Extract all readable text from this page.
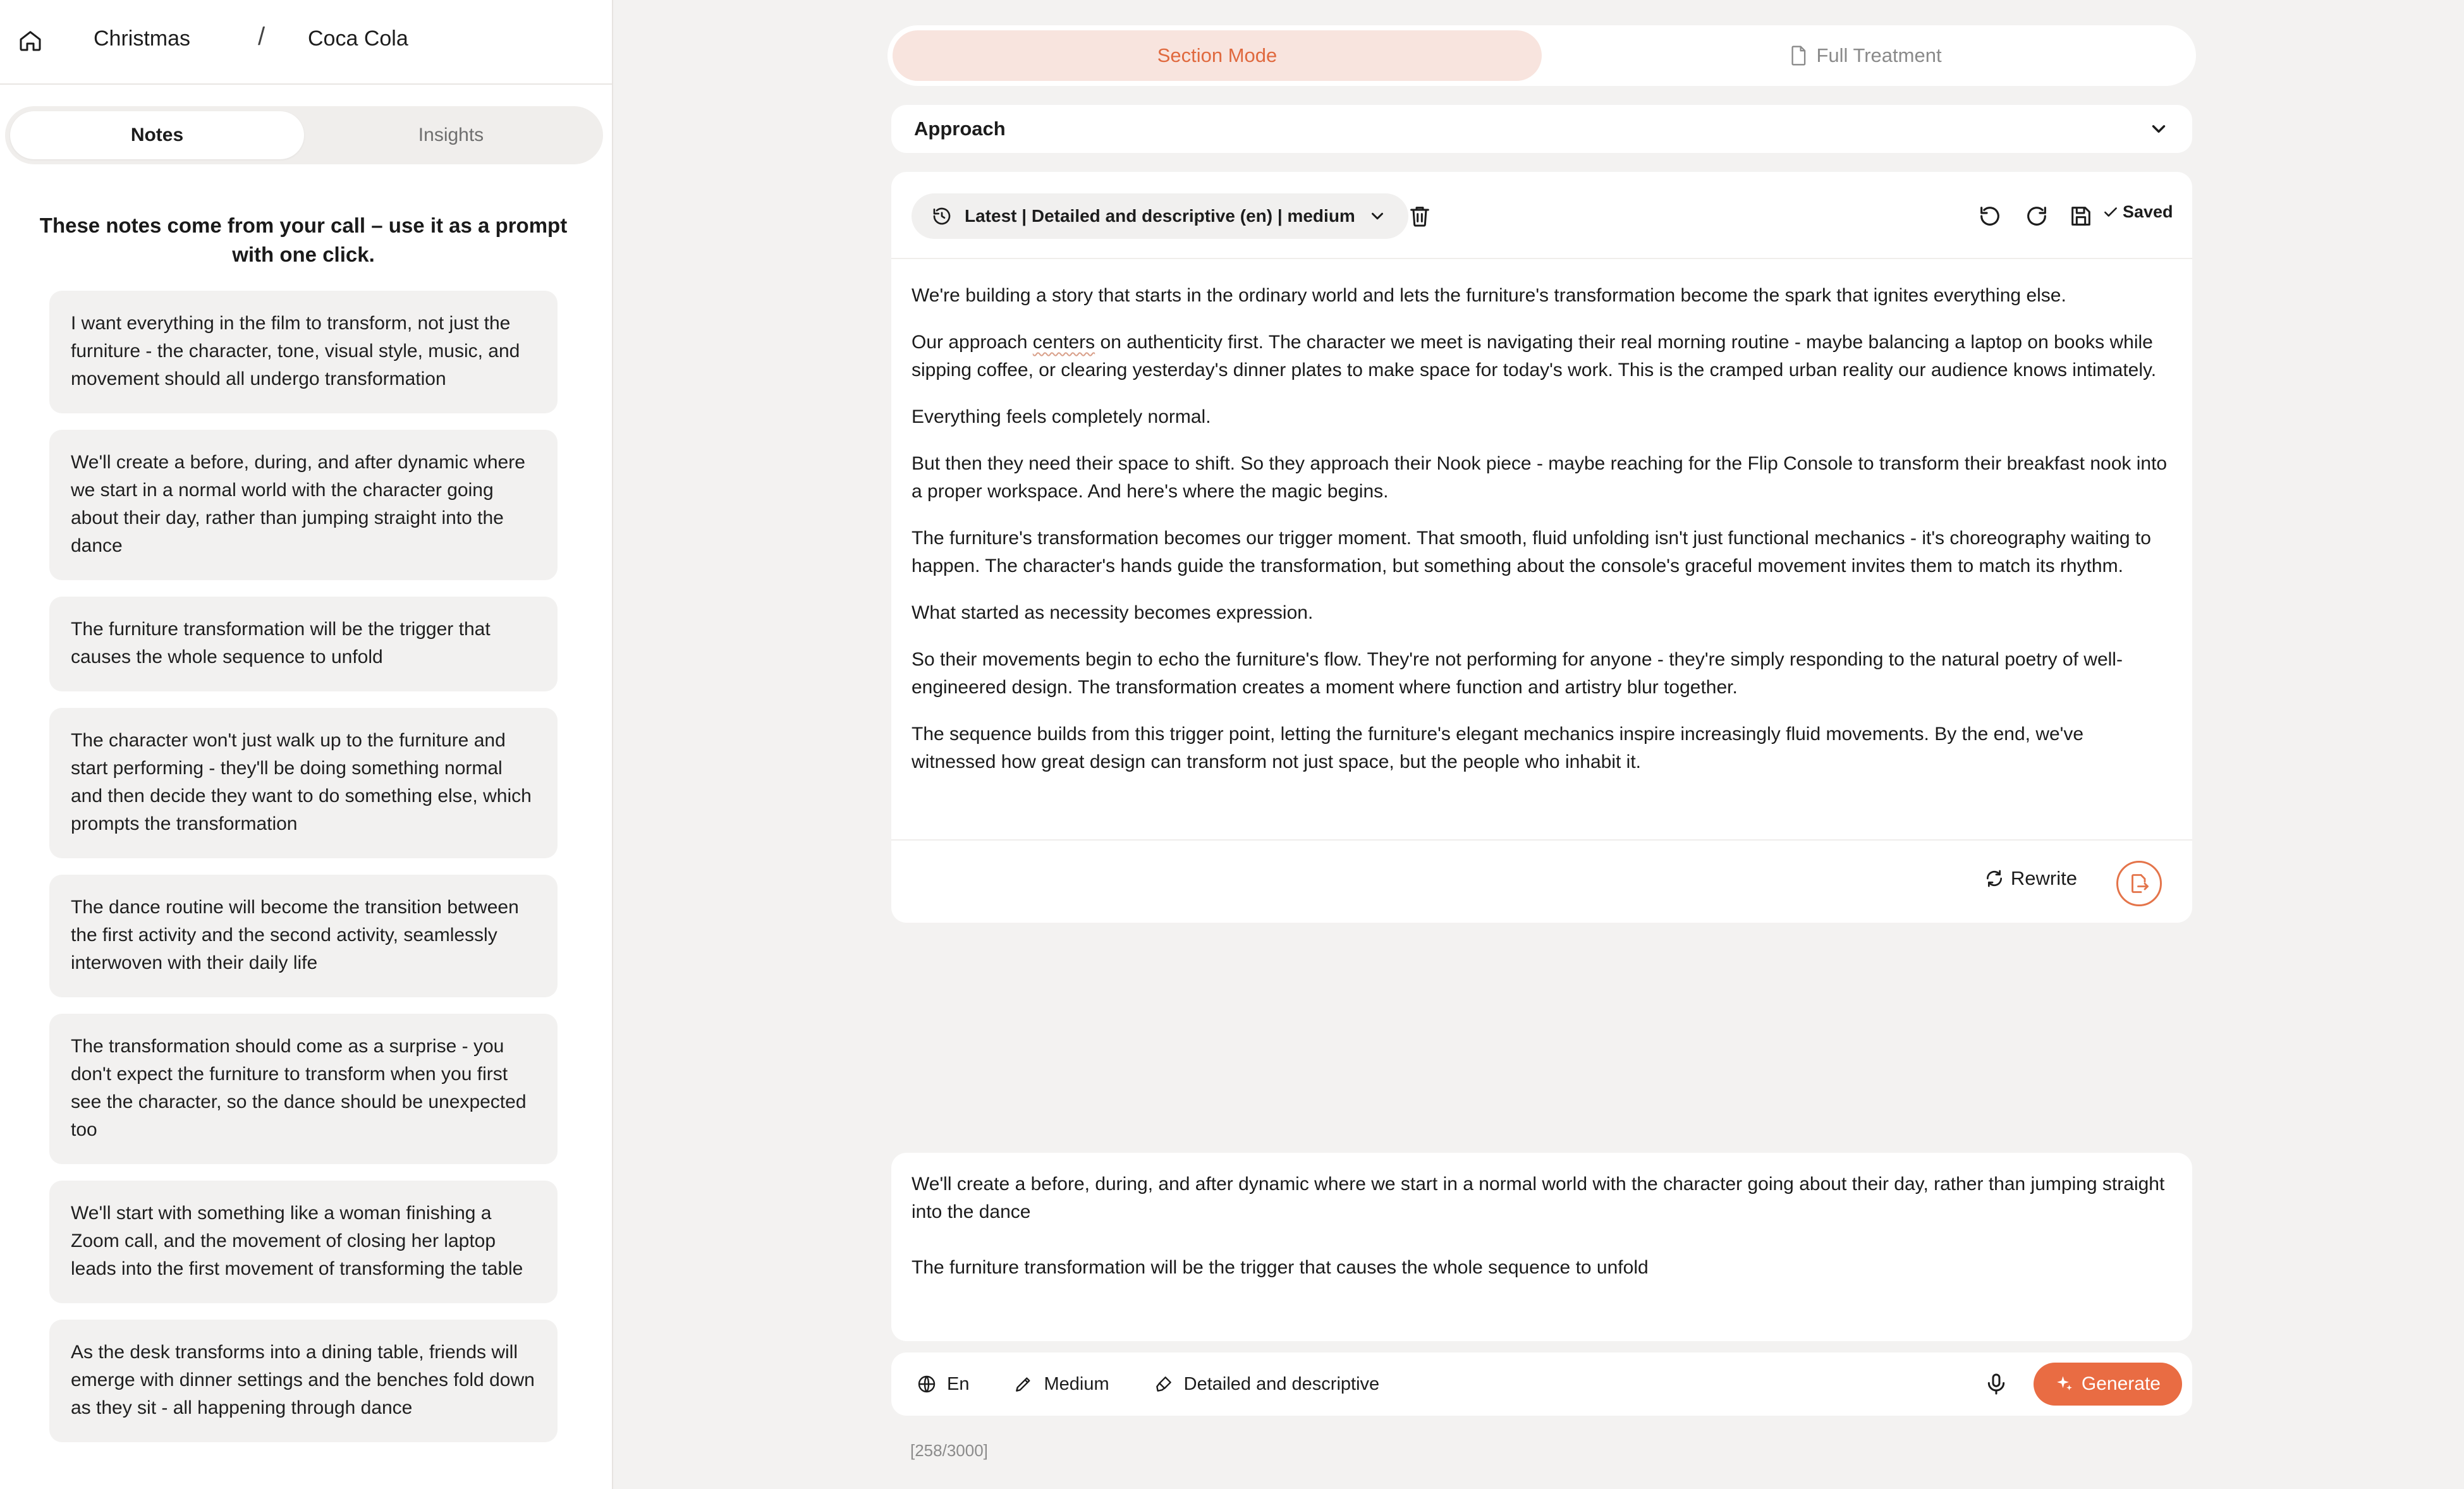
Christmas	/ Coca Cola
Notes	Insights
These notes come from your call – use it as a prompt with one click.
I want everything in the film to transform, not just the furniture - the character, tone, visual style, music, and movement should all undergo transformation
We'll create a before, during, and after dynamic where we start in a normal world with the character going about their day, rather than jumping straight into the dance
The furniture transformation will be the trigger that causes the whole sequence to unfold
The character won't just walk up to the furniture and start performing - they'll be doing something normal and then decide they want to do something else, which prompts the transformation
The dance routine will become the transition between the first activity and the second activity, seamlessly interwoven with their daily life
The transformation should come as a surprise - you don't expect the furniture to transform when you first see the character, so the dance should be unexpected too
We'll start with something like a woman finishing a Zoom call, and the movement of closing her laptop leads into the first movement of transforming the table
As the desk transforms into a dining table, friends will emerge with dinner settings and the benches fold down as they sit - all happening through dance
Section Mode	Full Treatment
Approach
Latest | Detailed and descriptive (en) | medium	Saved

We're building a story that starts in the ordinary world and lets the furniture's transformation become the spark that ignites everything else.

Our approach centers on authenticity first. The character we meet is navigating their real morning routine - maybe balancing a laptop on books while sipping coffee, or clearing yesterday's dinner plates to make space for today's work. This is the cramped urban reality our audience knows intimately.

Everything feels completely normal.

But then they need their space to shift. So they approach their Nook piece - maybe reaching for the Flip Console to transform their breakfast nook into a proper workspace. And here's where the magic begins.

The furniture's transformation becomes our trigger moment. That smooth, fluid unfolding isn't just functional mechanics - it's choreography waiting to happen. The character's hands guide the transformation, but something about the console's graceful movement invites them to match its rhythm.

What started as necessity becomes expression.

So their movements begin to echo the furniture's flow. They're not performing for anyone - they're simply responding to the natural poetry of well-engineered design. The transformation creates a moment where function and artistry blur together.

The sequence builds from this trigger point, letting the furniture's elegant mechanics inspire increasingly fluid movements. By the end, we've witnessed how great design can transform not just space, but the people who inhabit it.

Rewrite

We'll create a before, during, and after dynamic where we start in a normal world with the character going about their day, rather than jumping straight into the dance

The furniture transformation will be the trigger that causes the whole sequence to unfold

En	Medium	Detailed and descriptive	Generate
[258/3000]
